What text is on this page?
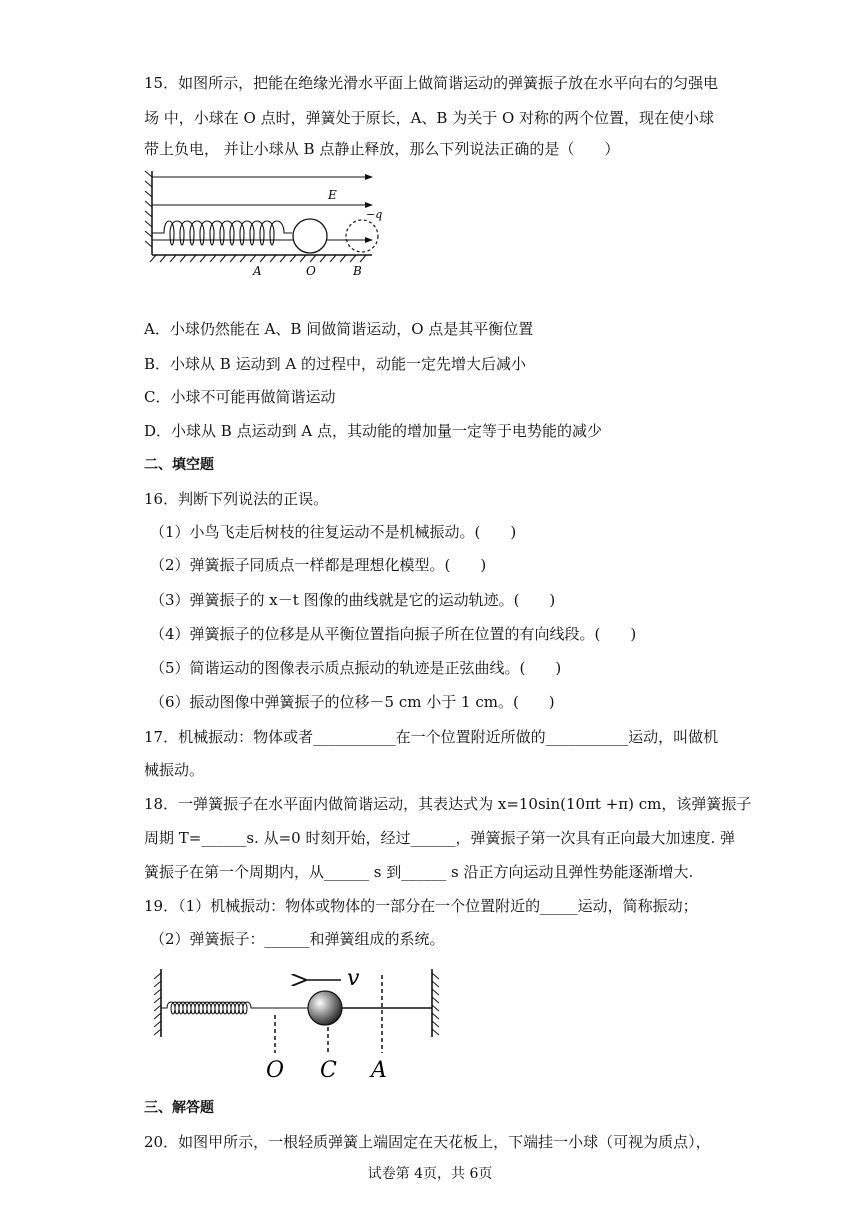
15．如图所示，把能在绝缘光滑水平面上做简谐运动的弹簧振子放在水平向右的匀强电
场 中，小球在 O 点时，弹簧处于原长，A、B 为关于 O 对称的两个位置，现在使小球
带上负电， 并让小球从 B 点静止释放，那么下列说法正确的是（　　）
E
−q
A	O	B
A．小球仍然能在 A、B 间做简谐运动，O 点是其平衡位置
B．小球从 B 运动到 A 的过程中，动能一定先增大后减小
C．小球不可能再做简谐运动
D．小球从 B 点运动到 A 点，其动能的增加量一定等于电势能的减少
二、填空题
16．判断下列说法的正误。
（1）小鸟飞走后树枝的往复运动不是机械振动。(　　)
（2）弹簧振子同质点一样都是理想化模型。(　　)
（3）弹簧振子的 x－t 图像的曲线就是它的运动轨迹。(　　)
（4）弹簧振子的位移是从平衡位置指向振子所在位置的有向线段。(　　)
（5）简谐运动的图像表示质点振动的轨迹是正弦曲线。(　　)
（6）振动图像中弹簧振子的位移－5 cm 小于 1 cm。(　　)
17．机械振动：物体或者___________在一个位置附近所做的___________运动，叫做机
械振动。
18．一弹簧振子在水平面内做简谐运动，其表达式为 x=10sin(10πt +π) cm，该弹簧振子
周期 T=______s. 从=0 时刻开始，经过______，弹簧振子第一次具有正向最大加速度. 弹
簧振子在第一个周期内，从______ s 到______ s 沿正方向运动且弹性势能逐渐增大.
19．（1）机械振动：物体或物体的一部分在一个位置附近的_____运动，简称振动；
（2）弹簧振子：______和弹簧组成的系统。
v
O C A
三、解答题
20．如图甲所示，一根轻质弹簧上端固定在天花板上，下端挂一小球（可视为质点），
试卷第 4页，共 6页
